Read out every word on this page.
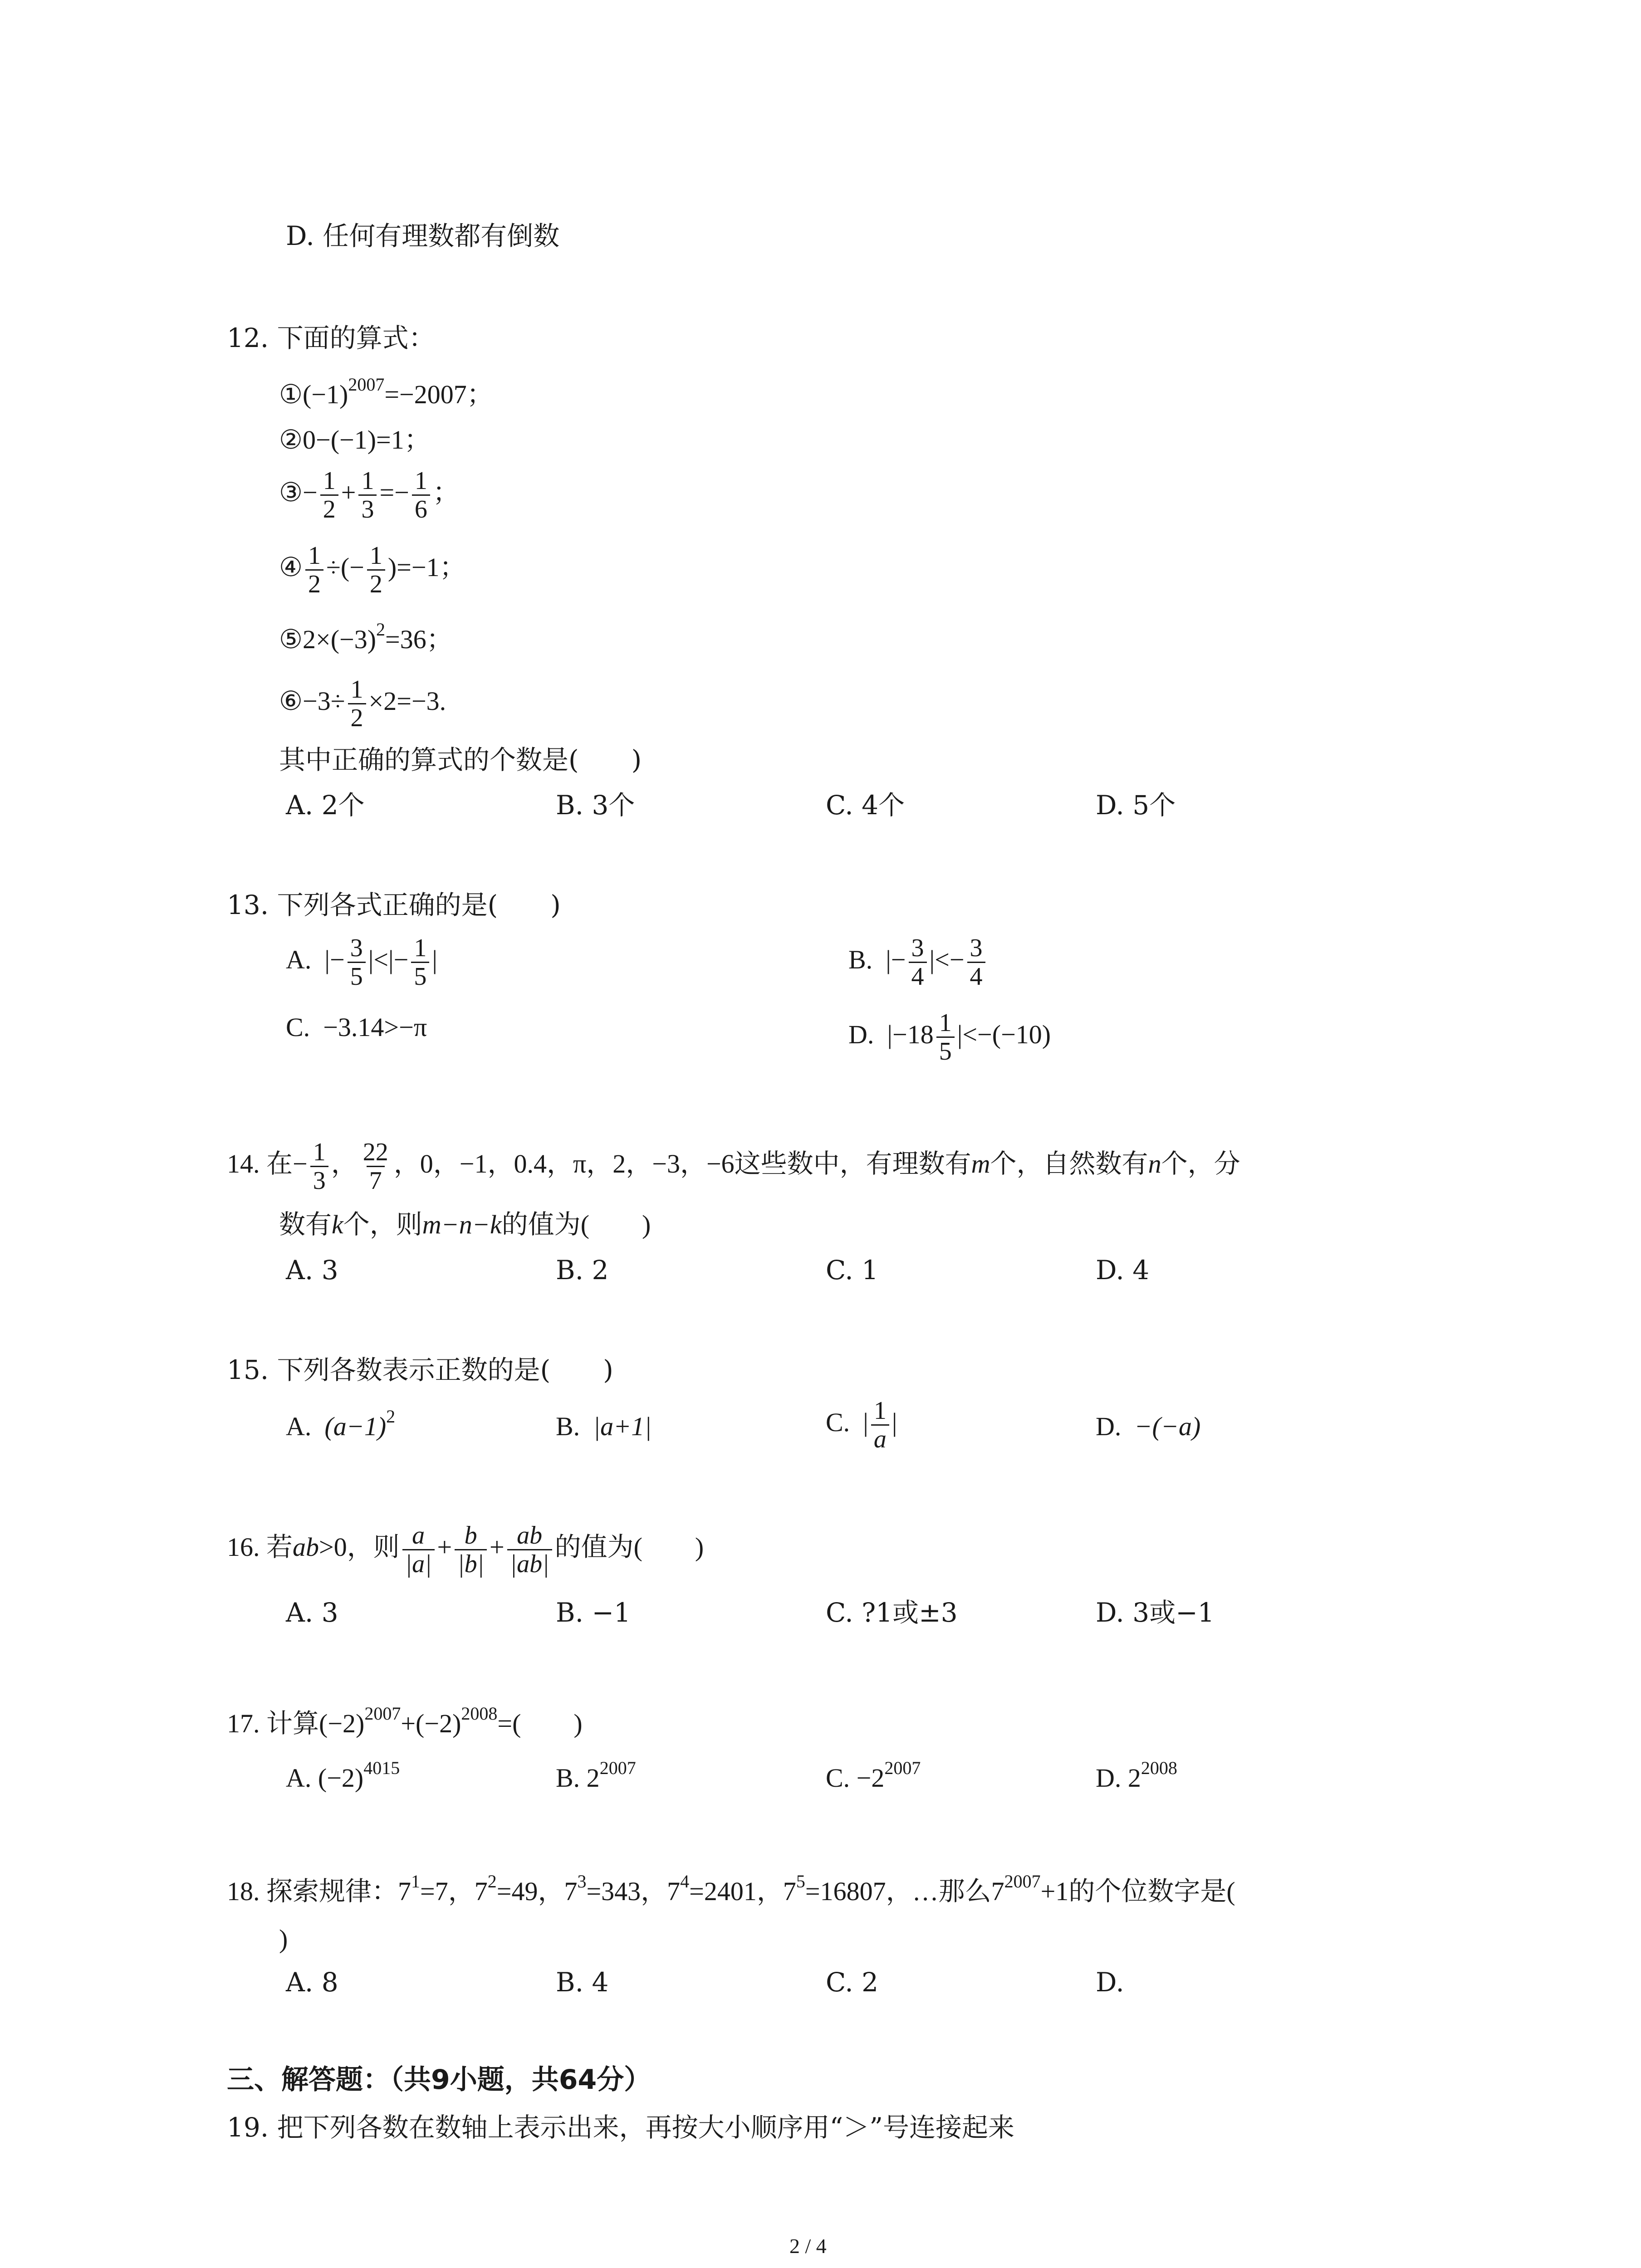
D. 任何有理数都有倒数
12. 下面的算式：
$①(-1)^{2007}=-2007$；
②0−(−1)=1；
③− $\frac{1}{2} + \frac{1}{3} =- \frac{1}{6}$ ；
④ $\frac{1}{2}$ ÷(− $\frac{1}{2} )=-1$；
$⑤2\times(-3)^2=36$；
⑥−3÷ $\frac{1}{2} \times 2=-3$.
其中正确的算式的个数是(　　)
A. 2个	B. 3个	C. 4个	D. 5个
13. 下列各式正确的是(　　)
A. |− $\frac{3}{5}$ |<|− $\frac{1}{5}$ |	B. |− $\frac{3}{4}$ |<− $\frac{3}{4}$
C. −3.14>−π	D. $|-18 \frac{1}{5} |<-(-10)$
14. 在− $\frac{1}{3}$ ， $\frac{22}{7}$ ，0，−1，0.4，π，2，−3，−6这些数中，有理数有m个，自然数有n个，分
数有k个，则m−n−k的值为(　　)
A. 3	B. 2	C. 1	D. 4
15. 下列各数表示正数的是(　　)
A. $(a-1)^2$	B. |a+1|	C. | $\frac{1}{a}$ |	D. −(−a)
16. 若ab>0，则 $\frac{a}{|a|} + \frac{b}{|b|} + \frac{ab}{|ab|}$ 的值为(　　)
A. 3	B. −1	C. ?1或±3	D. 3或−1
17. 计算$(-2)^{2007}+(-2)^{2008}=$(　　)
A. $(-2)^{4015}$	B. $2^{2007}$	C. $-2^{2007}$	D. $2^{2008}$
18. 探索规律：$7^1=7$，$7^2=49$，$7^3=343$，$7^4=2401$，$7^5=16807$，…那么$7^{2007}+1$的个位数字是(
)
A. 8	B. 4	C. 2	D.
三、解答题：（共9小题，共64分）
19. 把下列各数在数轴上表示出来，再按大小顺序用“＞”号连接起来
2 / 4
